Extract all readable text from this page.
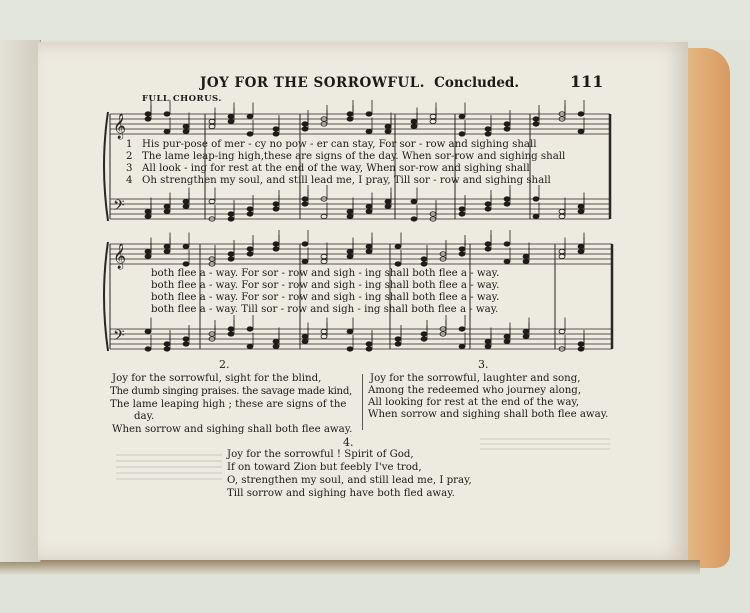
JOY FOR THE SORROWFUL. Concluded.	111
FULL CHORUS.
𝄞
𝄢
𝄞
𝄢
1 His pur-pose of mer - cy no pow - er can stay, For sor - row and sighing shall
2 The lame leap-ing high,these are signs of the day. When sor-row and sighing shall
3 All look - ing for rest at the end of the way, When sor-row and sighing shall
4 Oh strengthen my soul, and still lead me, I pray, Till sor - row and sighing shall
both flee a - way. For sor - row and sigh - ing shall both flee a - way.
both flee a - way. For sor - row and sigh - ing shall both flee a - way.
both flee a - way. For sor - row and sigh - ing shall both flee a - way.
both flee a - way. Till sor - row and sigh - ing shall both flee a - way.
2.	3.
Joy for the sorrowful, sight for the blind,
The dumb singing praises. the savage made kind,
The lame leaping high ; these are signs of the
day.
When sorrow and sighing shall both flee away.
Joy for the sorrowful, laughter and song,
Among the redeemed who journey along,
All looking for rest at the end of the way,
When sorrow and sighing shall both flee away.
4.
Joy for the sorrowful ! Spirit of God,
If on toward Zion but feebly I've trod,
O, strengthen my soul, and still lead me, I pray,
Till sorrow and sighing have both fled away.
